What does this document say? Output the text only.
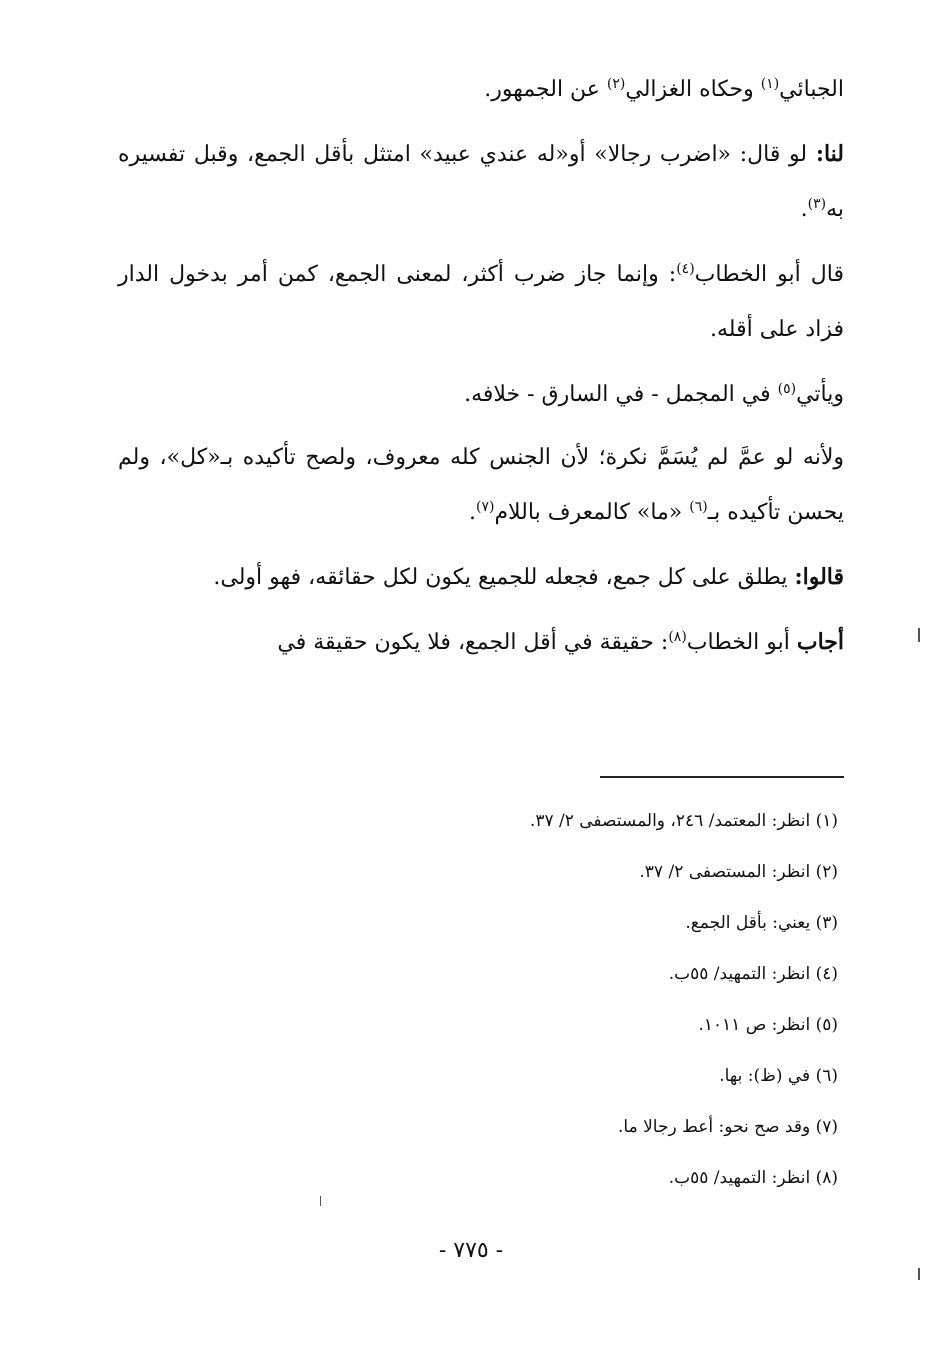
الجبائي$^{(١)}$ وحكاه الغزالي$^{(٢)}$ عن الجمهور.

لنا: لو قال: «اضرب رجالا» أو«له عندي عبيد» امتثل بأقل الجمع، وقبل تفسيره به$^{(٣)}$.

قال أبو الخطاب$^{(٤)}$: وإنما جاز ضرب أكثر، لمعنى الجمع، كمن أمر بدخول الدار فزاد على أقله.

ويأتي$^{(٥)}$ في المجمل - في السارق - خلافه.

ولأنه لو عمَّ لم يُسَمَّ نكرة؛ لأن الجنس كله معروف، ولصح تأكيده بـ«كل»، ولم يحسن تأكيده بـ$^{(٦)}$ «ما» كالمعرف باللام$^{(٧)}$.

قالوا: يطلق على كل جمع، فجعله للجميع يكون لكل حقائقه، فهو أولى.

أجاب أبو الخطاب$^{(٨)}$: حقيقة في أقل الجمع، فلا يكون حقيقة في

(١) انظر: المعتمد/ ٢٤٦، والمستصفى ٢/ ٣٧.

(٢) انظر: المستصفى ٢/ ٣٧.

(٣) يعني: بأقل الجمع.

(٤) انظر: التمهيد/ ٥٥ب.

(٥) انظر: ص ١٠١١.

(٦) في (ظ): بها.

(٧) وقد صح نحو: أعط رجالا ما.

(٨) انظر: التمهيد/ ٥٥ب.

- ٧٧٥ -
